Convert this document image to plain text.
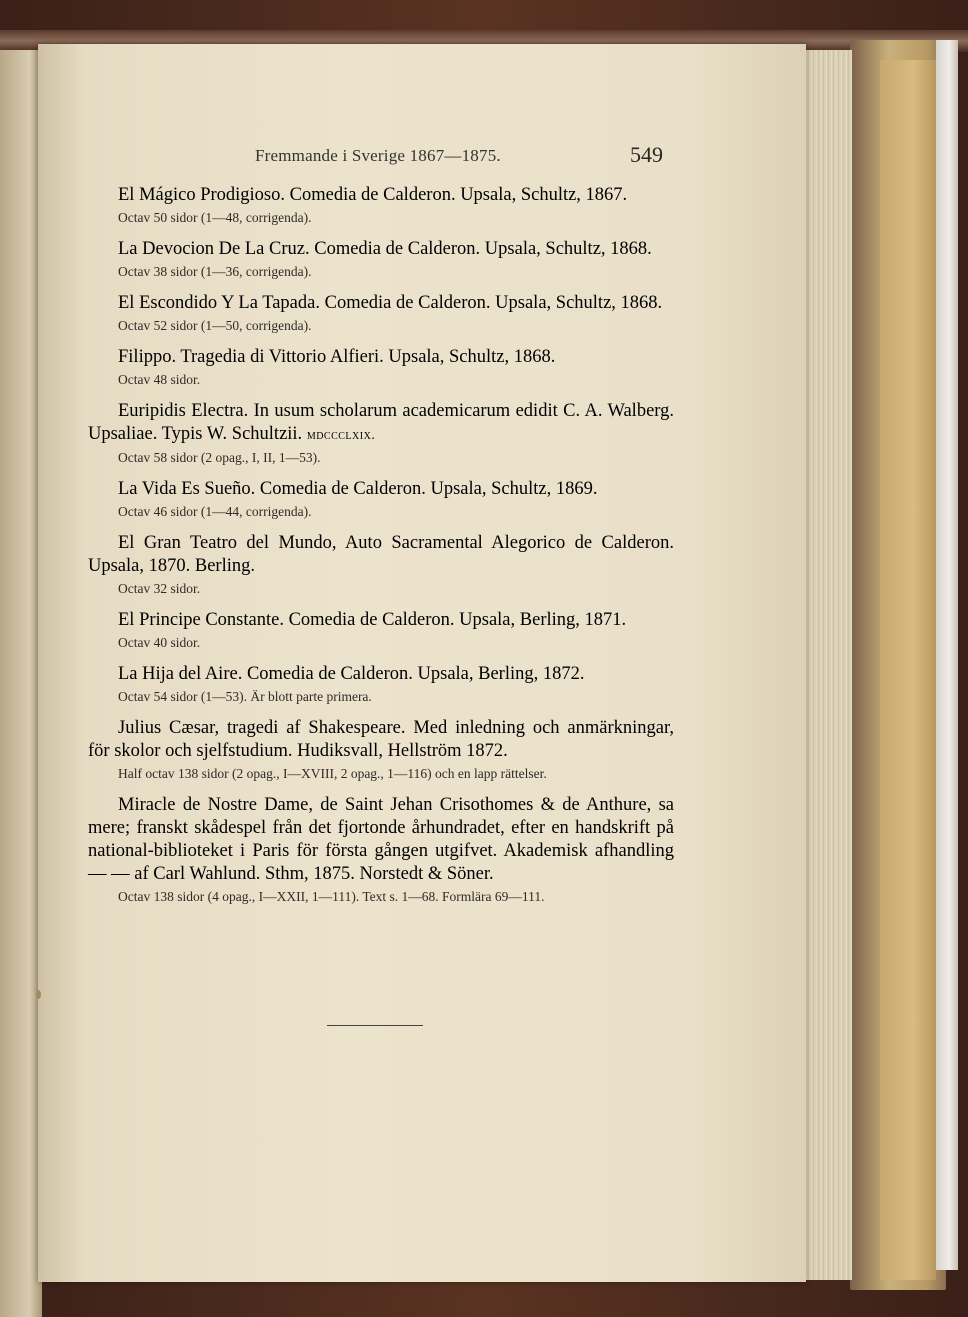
Fremmande i Sverige 1867—1875.	549

El Mágico Prodigioso. Comedia de Calderon. Upsala, Schultz, 1867.

Octav 50 sidor (1—48, corrigenda).

La Devocion De La Cruz. Comedia de Calderon. Upsala, Schultz, 1868.

Octav 38 sidor (1—36, corrigenda).

El Escondido Y La Tapada. Comedia de Calderon. Upsala, Schultz, 1868.

Octav 52 sidor (1—50, corrigenda).

Filippo. Tragedia di Vittorio Alfieri. Upsala, Schultz, 1868.

Octav 48 sidor.

Euripidis Electra. In usum scholarum academicarum edidit C. A. Walberg. Upsaliae. Typis W. Schultzii. mdccclxix.

Octav 58 sidor (2 opag., I, II, 1—53).

La Vida Es Sueño. Comedia de Calderon. Upsala, Schultz, 1869.

Octav 46 sidor (1—44, corrigenda).

El Gran Teatro del Mundo, Auto Sacramental Alegorico de Calderon. Upsala, 1870. Berling.

Octav 32 sidor.

El Principe Constante. Comedia de Calderon. Upsala, Berling, 1871.

Octav 40 sidor.

La Hija del Aire. Comedia de Calderon. Upsala, Berling, 1872.

Octav 54 sidor (1—53). Är blott parte primera.

Julius Cæsar, tragedi af Shakespeare. Med inledning och anmärkningar, för skolor och sjelfstudium. Hudiksvall, Hellström 1872.

Half octav 138 sidor (2 opag., I—XVIII, 2 opag., 1—116) och en lapp rättelser.

Miracle de Nostre Dame, de Saint Jehan Crisothomes & de Anthure, sa mere; franskt skådespel från det fjortonde århundradet, efter en handskrift på national-biblioteket i Paris för första gången utgifvet. Akademisk afhandling — — af Carl Wahlund. Sthm, 1875. Norstedt & Söner.

Octav 138 sidor (4 opag., I—XXII, 1—111). Text s. 1—68. Formlära 69—111.
